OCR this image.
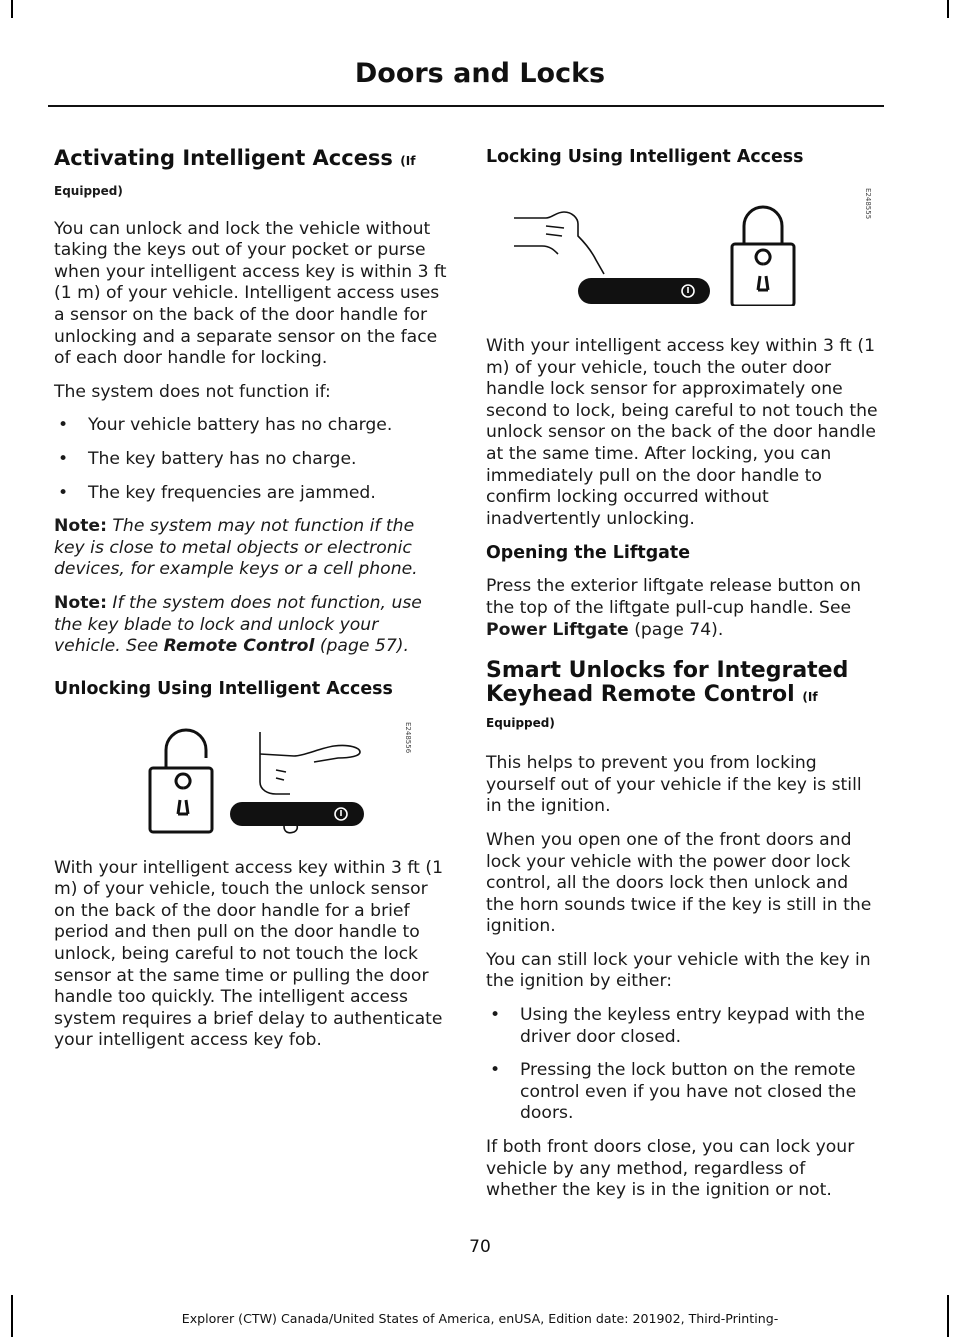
Doors and Locks
Activating Intelligent Access (If
Equipped)

You can unlock and lock the vehicle without taking the keys out of your pocket or purse when your intelligent access key is within 3 ft (1 m) of your vehicle. Intelligent access uses a sensor on the back of the door handle for unlocking and a separate sensor on the face of each door handle for locking.

The system does not function if:

• Your vehicle battery has no charge.
• The key battery has no charge.
• The key frequencies are jammed.

Note: The system may not function if the key is close to metal objects or electronic devices, for example keys or a cell phone.

Note: If the system does not function, use the key blade to lock and unlock your vehicle. See Remote Control (page 57).

Unlocking Using Intelligent Access
E248556

With your intelligent access key within 3 ft (1 m) of your vehicle, touch the unlock sensor on the back of the door handle for a brief period and then pull on the door handle to unlock, being careful to not touch the lock sensor at the same time or pulling the door handle too quickly. The intelligent access system requires a brief delay to authenticate your intelligent access key fob.

Locking Using Intelligent Access
E248555

With your intelligent access key within 3 ft (1 m) of your vehicle, touch the outer door handle lock sensor for approximately one second to lock, being careful to not touch the unlock sensor on the back of the door handle at the same time. After locking, you can immediately pull on the door handle to confirm locking occurred without inadvertently unlocking.

Opening the Liftgate

Press the exterior liftgate release button on the top of the liftgate pull-cup handle. See Power Liftgate (page 74).

Smart Unlocks for Integrated
Keyhead Remote Control (If Equipped)

This helps to prevent you from locking yourself out of your vehicle if the key is still in the ignition.

When you open one of the front doors and lock your vehicle with the power door lock control, all the doors lock then unlock and the horn sounds twice if the key is still in the ignition.

You can still lock your vehicle with the key in the ignition by either:

• Using the keyless entry keypad with the driver door closed.
• Pressing the lock button on the remote control even if you have not closed the doors.

If both front doors close, you can lock your vehicle by any method, regardless of whether the key is in the ignition or not.

70
Explorer (CTW) Canada/United States of America, enUSA, Edition date: 201902, Third-Printing-
